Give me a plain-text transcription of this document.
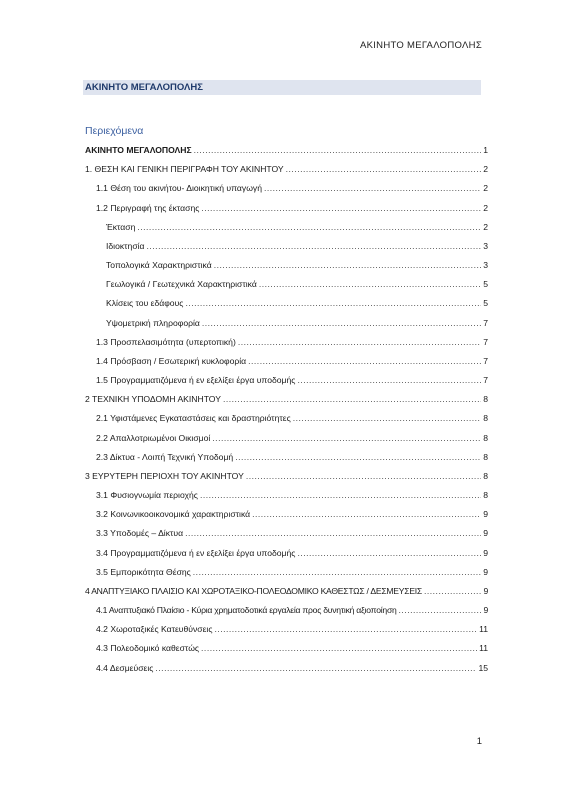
ΑΚΙΝΗΤΟ ΜΕΓΑΛΟΠΟΛΗΣ
ΑΚΙΝΗΤΟ ΜΕΓΑΛΟΠΟΛΗΣ
Περιεχόμενα
ΑΚΙΝΗΤΟ ΜΕΓΑΛΟΠΟΛΗΣ .....	1
1. ΘΕΣΗ ΚΑΙ ΓΕΝΙΚΗ ΠΕΡΙΓΡΑΦΗ ΤΟΥ ΑΚΙΝΗΤΟΥ .....	2
1.1 Θέση του ακινήτου- Διοικητική υπαγωγή .....	2
1.2 Περιγραφή της έκτασης .....	2
Έκταση .....	2
Ιδιοκτησία .....	3
Τοπολογικά Χαρακτηριστικά .....	3
Γεωλογικά / Γεωτεχνικά Χαρακτηριστικά .....	5
Κλίσεις του εδάφους .....	5
Υψομετρική πληροφορία .....	7
1.3 Προσπελασιμότητα (υπερτοπική) .....	7
1.4 Πρόσβαση / Εσωτερική κυκλοφορία .....	7
1.5 Προγραμματιζόμενα ή εν εξελίξει έργα υποδομής .....	7
2 ΤΕΧΝΙΚΗ ΥΠΟΔΟΜΗ ΑΚΙΝΗΤΟΥ .....	8
2.1 Υφιστάμενες Εγκαταστάσεις και δραστηριότητες .....	8
2.2 Απαλλοτριωμένοι Οικισμοί .....	8
2.3 Δίκτυα - Λοιπή Τεχνική Υποδομή .....	8
3 ΕΥΡΥΤΕΡΗ ΠΕΡΙΟΧΗ ΤΟΥ ΑΚΙΝΗΤΟΥ .....	8
3.1 Φυσιογνωμία περιοχής .....	8
3.2 Κοινωνικοοικονομικά χαρακτηριστικά .....	9
3.3 Υποδομές – Δίκτυα .....	9
3.4 Προγραμματιζόμενα ή εν εξελίξει έργα υποδομής .....	9
3.5 Εμπορικότητα Θέσης .....	9
4 ΑΝΑΠΤΥΞΙΑΚΟ ΠΛΑΙΣΙΟ ΚΑΙ ΧΩΡΟΤΑΞΙΚΟ-ΠΟΛΕΟΔΟΜΙΚΟ ΚΑΘΕΣΤΩΣ / ΔΕΣΜΕΥΣΕΙΣ .....	9
4.1 Αναπτυξιακό Πλαίσιο - Κύρια χρηματοδοτικά εργαλεία προς δυνητική αξιοποίηση .....	9
4.2 Χωροταξικές Κατευθύνσεις .....	11
4.3 Πολεοδομικό καθεστώς .....	11
4.4 Δεσμεύσεις .....	15
1
